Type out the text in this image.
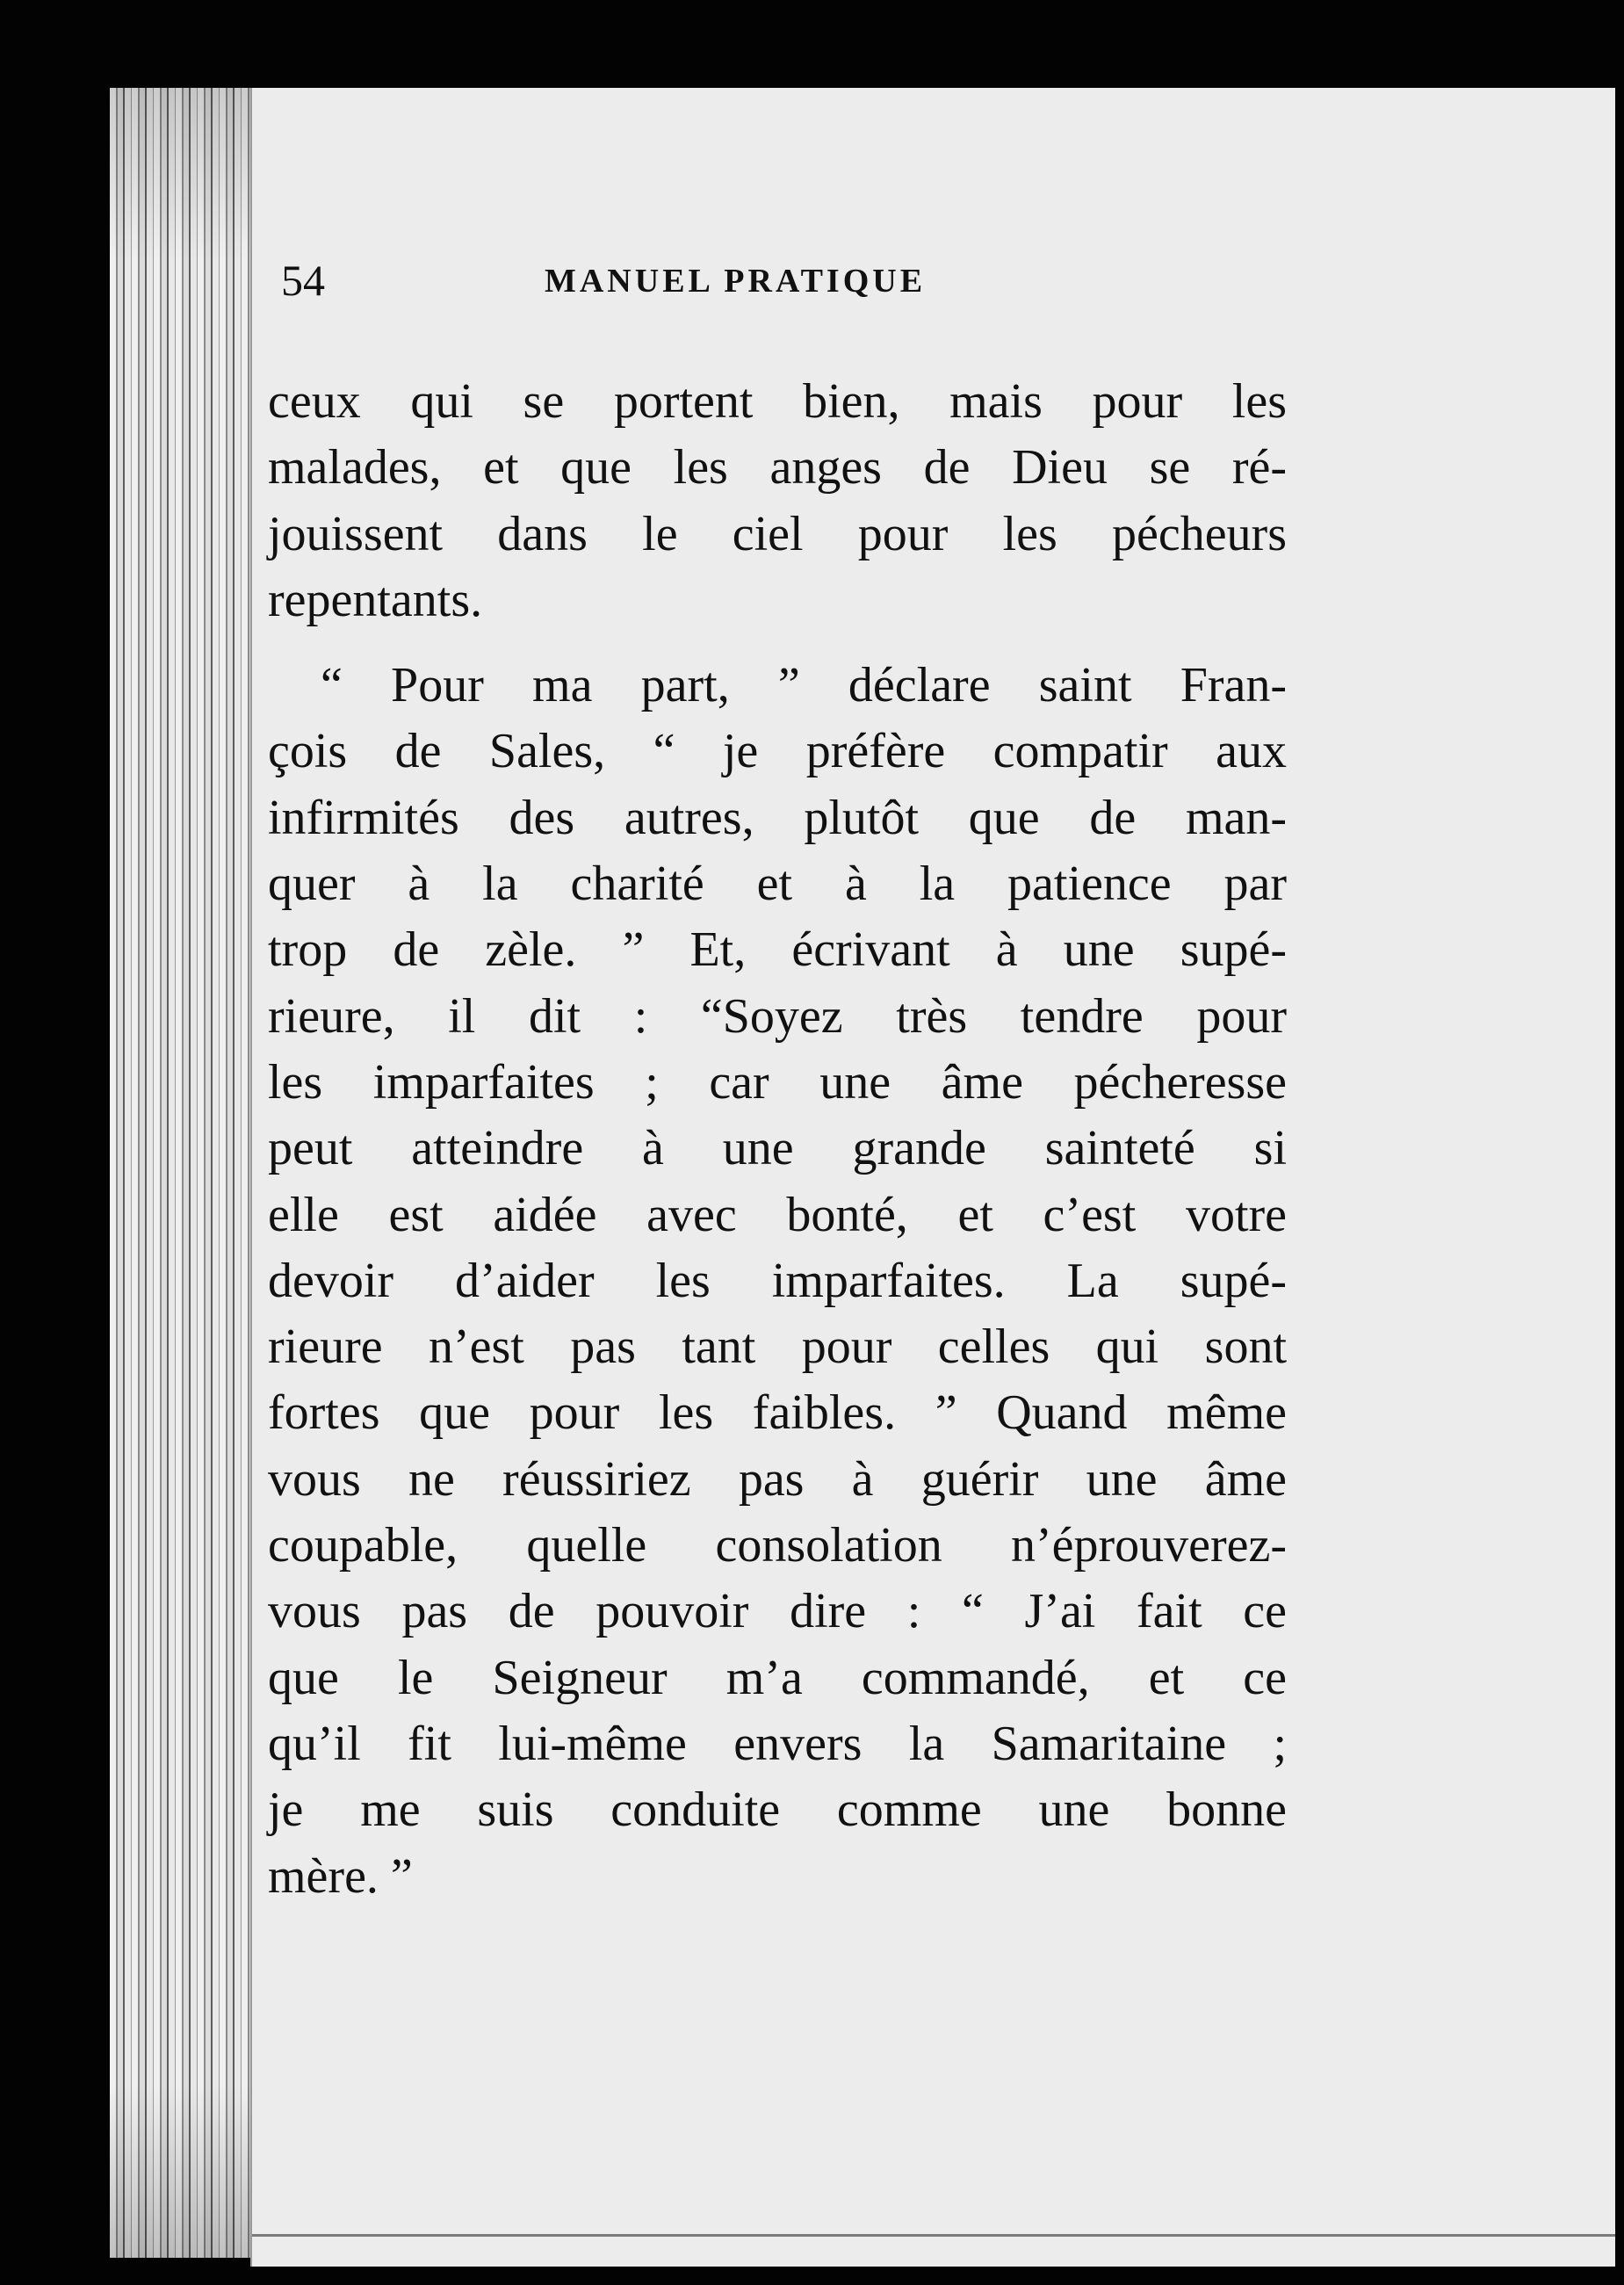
54	MANUEL PRATIQUE
ceux qui se portent bien, mais pour les
malades, et que les anges de Dieu se ré-
jouissent dans le ciel pour les pécheurs
repentants.
“ Pour ma part, ” déclare saint Fran-
çois de Sales, “ je préfère compatir aux
infirmités des autres, plutôt que de man-
quer à la charité et à la patience par
trop de zèle. ” Et, écrivant à une supé-
rieure, il dit : “Soyez très tendre pour
les imparfaites ; car une âme pécheresse
peut atteindre à une grande sainteté si
elle est aidée avec bonté, et c’est votre
devoir d’aider les imparfaites. La supé-
rieure n’est pas tant pour celles qui sont
fortes que pour les faibles. ” Quand même
vous ne réussiriez pas à guérir une âme
coupable, quelle consolation n’éprouverez-
vous pas de pouvoir dire : “ J’ai fait ce
que le Seigneur m’a commandé, et ce
qu’il fit lui-même envers la Samaritaine ;
je me suis conduite comme une bonne
mère. ”
